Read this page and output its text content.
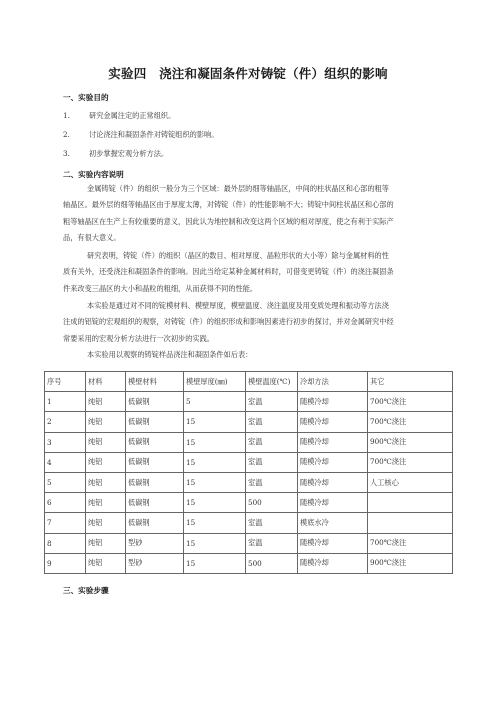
实验四　浇注和凝固条件对铸锭（件）组织的影响
一、实验目的
1.	研究金属注定的正常组织。
2.	讨论浇注和凝固条件对铸锭组织的影响。
3.	初步掌握宏观分析方法。
二、实验内容说明

金属铸锭（件）的组织一般分为三个区域：最外层的细等轴晶区，中间的柱状晶区和心部的粗等
轴晶区。最外层的细等轴晶区由于厚度太薄，对铸锭（件）的性能影响不大；铸锭中间柱状晶区和心部的
粗等轴晶区在生产上有较重要的意义，因此认为地控制和改变这两个区域的相对厚度，使之有利于实际产
品，有很大意义。

研究表明，铸锭（件）的组织（晶区的数目、相对厚度、晶粒形状的大小等）除与金属材料的性
质有关外，还受浇注和凝固条件的影响。因此当给定某种金属材料时，可借变更铸锭（件）的浇注凝固条
件来改变三晶区的大小和晶粒的粗细，从而获得不同的性能。

本实验是通过对不同的锭模材料、模壁厚度，模壁温度、浇注温度及用变质处理和振动等方法浇
注成的铝锭的宏观组织的观察，对铸锭（件）的组织形成和影响因素进行初步的探讨，并对金属研究中经
常要采用的宏观分析方法进行一次初步的实践。

本实验用以观察的铸锭样品浇注和凝固条件如后表：

序号	材料	模壁材料	模壁厚度(㎜)	模壁温度(℃)	冷却方法	其它
1	纯铝	低碳钢	5	室温	随模冷却	700℃浇注
2	纯铝	低碳钢	15	室温	随模冷却	700℃浇注
3	纯铝	低碳钢	15	室温	随模冷却	900℃浇注
4	纯铝	低碳钢	15	室温	随模冷却	700℃浇注
5	纯铝	低碳钢	15	室温	随模冷却	人工核心
6	纯铝	低碳钢	15	500	随模冷却	
7	纯铝	低碳钢	15	室温	模底水冷	
8	纯铝	型砂	15	室温	随模冷却	700℃浇注
9	纯铝	型砂	15	500	随模冷却	900℃浇注
三、实验步骤
